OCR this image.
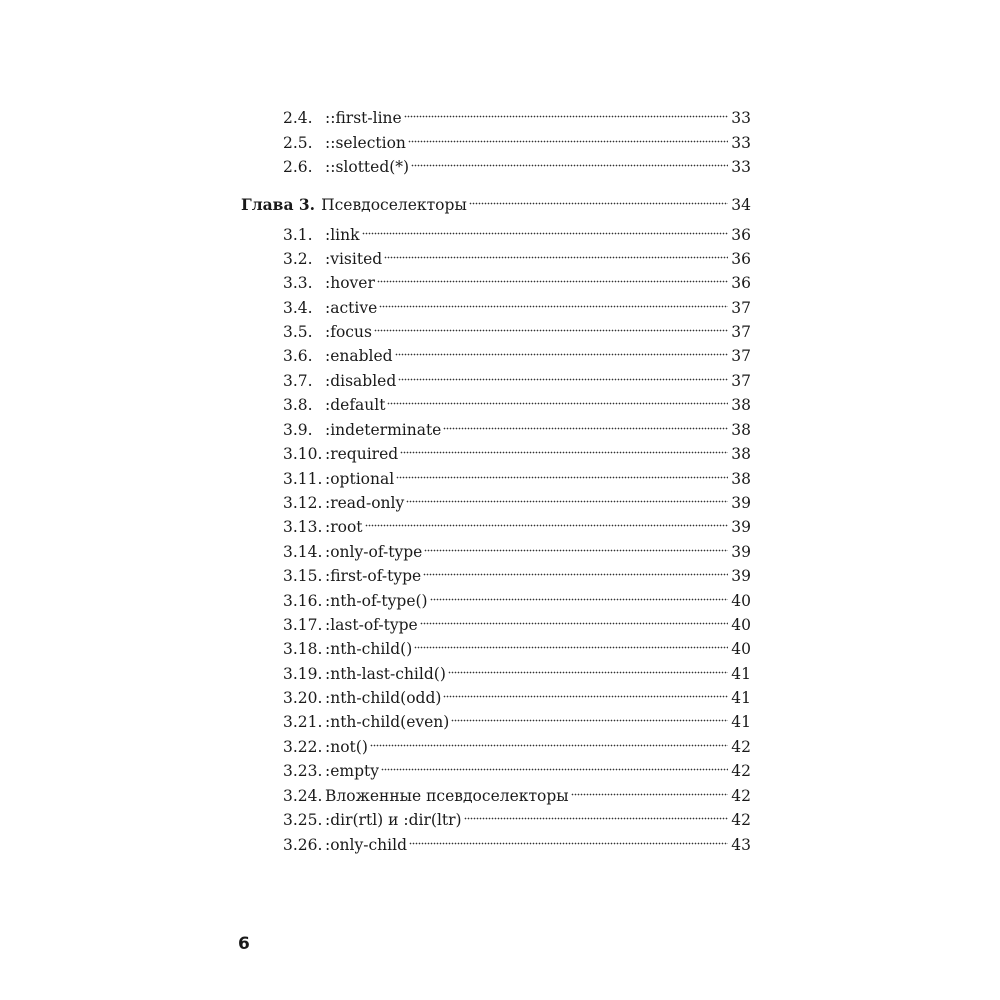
2.4. ::first-line	33
2.5. ::selection	33
2.6. ::slotted(*)	33
Глава 3. Псевдоселекторы	34
3.1. :link	36
3.2. :visited	36
3.3. :hover	36
3.4. :active	37
3.5. :focus	37
3.6. :enabled	37
3.7. :disabled	37
3.8. :default	38
3.9. :indeterminate	38
3.10. :required	38
3.11. :optional	38
3.12. :read-only	39
3.13. :root	39
3.14. :only-of-type	39
3.15. :first-of-type	39
3.16. :nth-of-type()	40
3.17. :last-of-type	40
3.18. :nth-child()	40
3.19. :nth-last-child()	41
3.20. :nth-child(odd)	41
3.21. :nth-child(even)	41
3.22. :not()	42
3.23. :empty	42
3.24. Вложенные псевдоселекторы	42
3.25. :dir(rtl) и :dir(ltr)	42
3.26. :only-child	43
6
